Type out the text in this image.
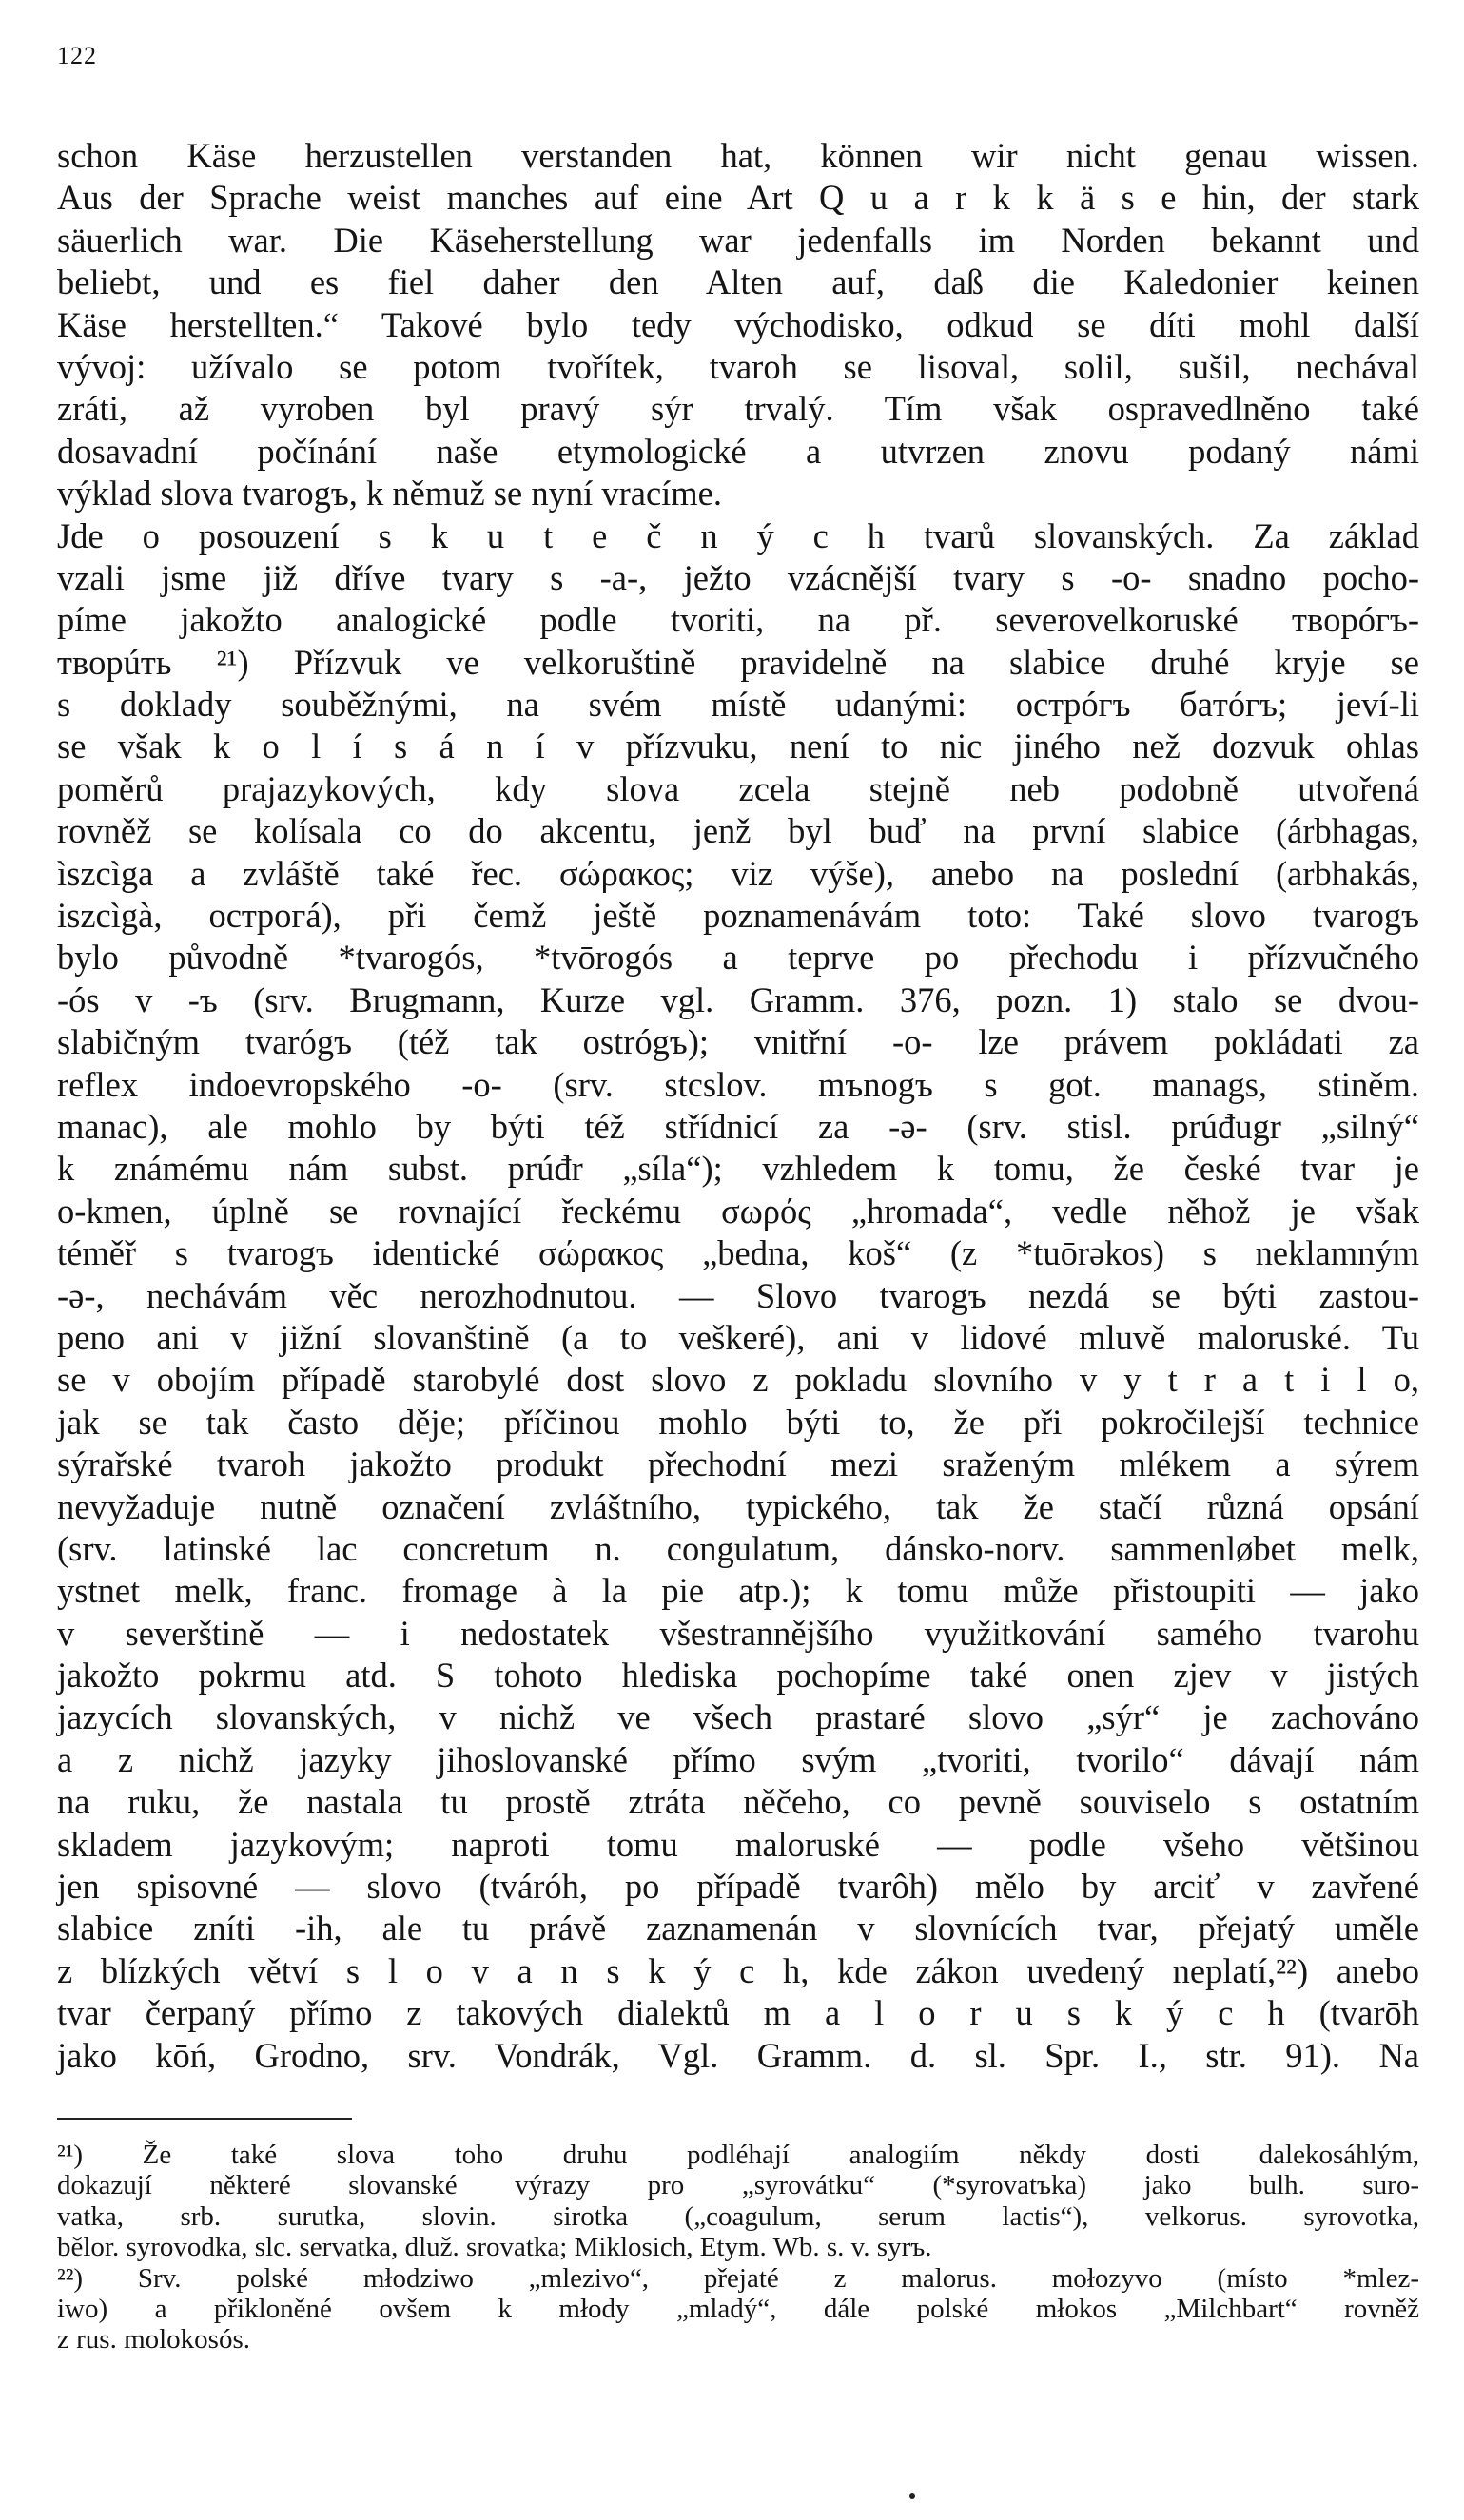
122
schon Käse herzustellen verstanden hat, können wir nicht genau wissen.
Aus der Sprache weist manches auf eine Art Q u a r k k ä s e hin, der stark
säuerlich war. Die Käseherstellung war jedenfalls im Norden bekannt und
beliebt, und es fiel daher den Alten auf, daß die Kaledonier keinen
Käse herstellten.“ Takové bylo tedy východisko, odkud se díti mohl další
vývoj: užívalo se potom tvořítek, tvaroh se lisoval, solil, sušil, nechával
zráti, až vyroben byl pravý sýr trvalý. Tím však ospravedlněno také
dosavadní počínání naše etymologické a utvrzen znovu podaný námi
výklad slova tvarogъ, k němuž se nyní vracíme.
Jde o posouzení s k u t e č n ý c h tvarů slovanských. Za základ
vzali jsme již dříve tvary s -a-, ježto vzácnější tvary s -o- snadno pocho-
píme jakožto analogické podle tvoriti, na př. severovelkoruské твopóгъ-
твoрúть ²¹) Přízvuk ve velkoruštině pravidelně na slabice druhé kryje se
s doklady souběžnými, na svém místě udanými: ocтpóгъ бaтóгъ; jeví-li
se však k o l í s á n í v přízvuku, není to nic jiného než dozvuk ohlas
poměrů prajazykových, kdy slova zcela stejně neb podobně utvořená
rovněž se kolísala co do akcentu, jenž byl buď na první slabice (árbhagas,
ìszcìga a zvláště také řec. σώρακος; viz výše), anebo na poslední (arbhakás,
iszcìgà, ocтpoгá), při čemž ještě poznamenávám toto: Také slovo tvarogъ
bylo původně *tvarogós, *tvōrogós a teprve po přechodu i přízvučného
-ós v -ъ (srv. Brugmann, Kurze vgl. Gramm. 376, pozn. 1) stalo se dvou-
slabičným tvarógъ (též tak ostrógъ); vnitřní -o- lze právem pokládati za
reflex indoevropského -o- (srv. stcslov. mъnogъ s got. manags, stiněm.
manac), ale mohlo by býti též střídnicí za -ə- (srv. stisl. prúđugr „silný“
k známému nám subst. prúđr „síla“); vzhledem k tomu, že české tvar je
o-kmen, úplně se rovnající řeckému σωρός „hromada“, vedle něhož je však
téměř s tvarogъ identické σώρακος „bedna, koš“ (z *tuōrəkos) s neklamným
-ə-, nechávám věc nerozhodnutou. — Slovo tvarogъ nezdá se býti zastou-
peno ani v jižní slovanštině (a to veškeré), ani v lidové mluvě maloruské. Tu
se v obojím případě starobylé dost slovo z pokladu slovního v y t r a t i l o,
jak se tak často děje; příčinou mohlo býti to, že při pokročilejší technice
sýrařské tvaroh jakožto produkt přechodní mezi sraženým mlékem a sýrem
nevyžaduje nutně označení zvláštního, typického, tak že stačí různá opsání
(srv. latinské lac concretum n. congulatum, dánsko-norv. sammenløbet melk,
ystnet melk, franc. fromage à la pie atp.); k tomu může přistoupiti — jako
v severštině — i nedostatek všestrannějšího využitkování samého tvarohu
jakožto pokrmu atd. S tohoto hlediska pochopíme také onen zjev v jistých
jazycích slovanských, v nichž ve všech prastaré slovo „sýr“ je zachováno
a z nichž jazyky jihoslovanské přímo svým „tvoriti, tvorilo“ dávají nám
na ruku, že nastala tu prostě ztráta něčeho, co pevně souviselo s ostatním
skladem jazykovým; naproti tomu maloruské — podle všeho většinou
jen spisovné — slovo (tváróh, po případě tvarôh) mělo by arciť v zavřené
slabice zníti -ih, ale tu právě zaznamenán v slovnících tvar, přejatý uměle
z blízkých větví s l o v a n s k ý c h, kde zákon uvedený neplatí,²²) anebo
tvar čerpaný přímo z takových dialektů m a l o r u s k ý c h (tvarōh
jako kōń, Grodno, srv. Vondrák, Vgl. Gramm. d. sl. Spr. I., str. 91). Na
²¹) Že také slova toho druhu podléhají analogiím někdy dosti dalekosáhlým,
dokazují některé slovanské výrazy pro „syrovátku“ (*syrovatъka) jako bulh. suro-
vatka, srb. surutka, slovin. sirotka („coagulum, serum lactis“), velkorus. syrovotka,
bělor. syrovodka, slc. servatka, dluž. srovatka; Miklosich, Etym. Wb. s. v. syrъ.
²²) Srv. polské młodziwo „mlezivo“, přejaté z malorus. mołozyvo (místo *mlez-
iwo) a přikloněné ovšem k młody „mladý“, dále polské młokos „Milchbart“ rovněž
z rus. molokosós.
